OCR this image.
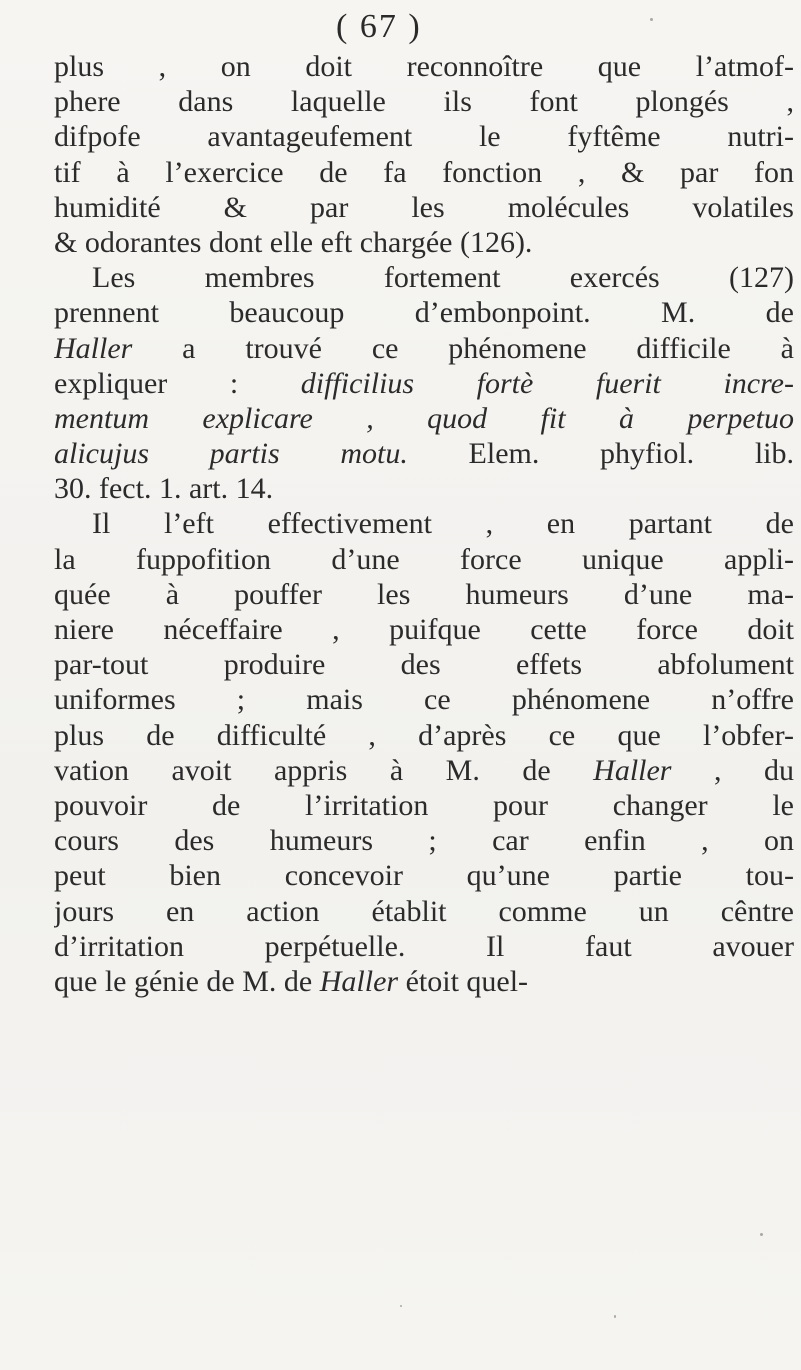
( 67 )
plus , on doit reconnoître que l’atmof-
phere dans laquelle ils font plongés ,
difpofe avantageufement le fyftême nutri-
tif à l’exercice de fa fonction , & par fon
humidité & par les molécules volatiles
& odorantes dont elle eft chargée (126).
Les membres fortement exercés (127)
prennent beaucoup d’embonpoint. M. de
Haller a trouvé ce phénomene difficile à
expliquer : difficilius fortè fuerit incre-
mentum explicare , quod fit à perpetuo
alicujus partis motu. Elem. phyfiol. lib.
30. fect. 1. art. 14.
Il l’eft effectivement , en partant de
la fuppofition d’une force unique appli-
quée à pouffer les humeurs d’une ma-
niere néceffaire , puifque cette force doit
par-tout produire des effets abfolument
uniformes ; mais ce phénomene n’offre
plus de difficulté , d’après ce que l’obfer-
vation avoit appris à M. de Haller , du
pouvoir de l’irritation pour changer le
cours des humeurs ; car enfin , on
peut bien concevoir qu’une partie tou-
jours en action établit comme un cêntre
d’irritation perpétuelle. Il faut avouer
que le génie de M. de Haller étoit quel-
